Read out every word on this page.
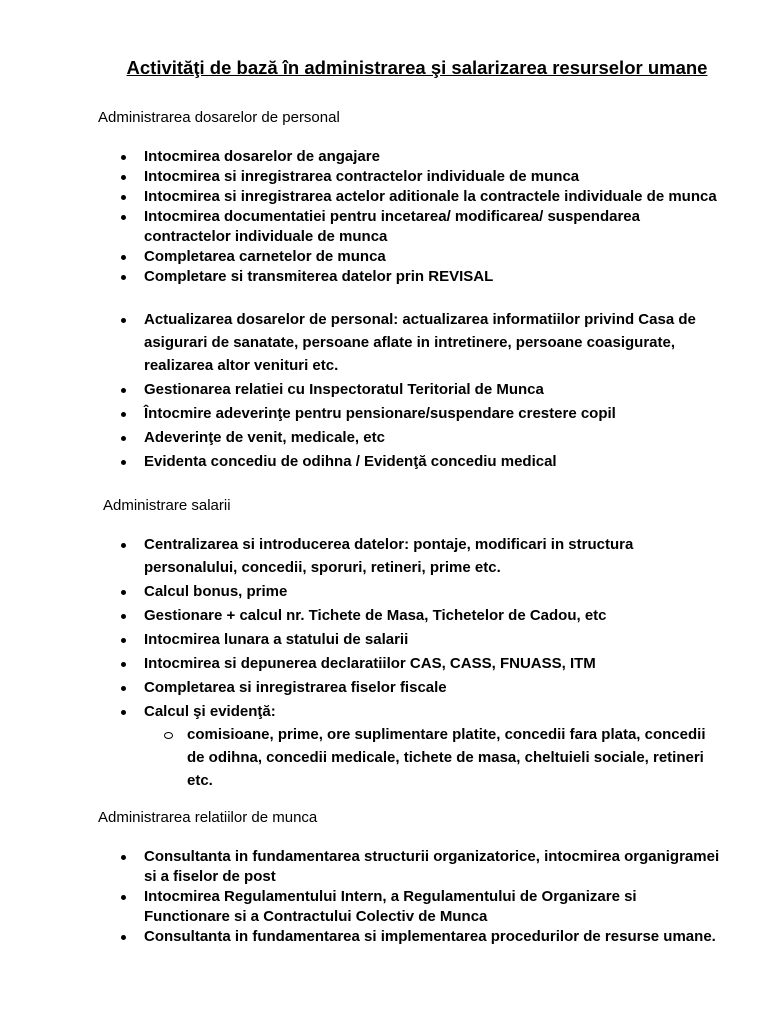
Activităţi de bază în administrarea şi salarizarea resurselor umane
Administrarea dosarelor de personal
Intocmirea dosarelor de angajare
Intocmirea si inregistrarea contractelor individuale de munca
Intocmirea si inregistrarea actelor aditionale la contractele individuale de munca
Intocmirea documentatiei pentru incetarea/ modificarea/ suspendarea contractelor individuale de munca
Completarea carnetelor de munca
Completare si transmiterea datelor prin REVISAL
Actualizarea dosarelor de personal: actualizarea informatiilor privind Casa de asigurari de sanatate, persoane aflate in intretinere, persoane coasigurate, realizarea altor venituri etc.
Gestionarea relatiei cu Inspectoratul Teritorial de Munca
Întocmire adeverinţe pentru pensionare/suspendare crestere copil
Adeverinţe de venit, medicale, etc
Evidenta concediu de odihna / Evidenţă concediu medical
Administrare salarii
Centralizarea si introducerea datelor: pontaje, modificari in structura personalului, concedii, sporuri, retineri, prime etc.
Calcul bonus, prime
Gestionare + calcul nr. Tichete de Masa, Tichetelor de Cadou, etc
Intocmirea lunara a statului de salarii
Intocmirea si depunerea declaratiilor CAS, CASS, FNUASS, ITM
Completarea si inregistrarea fiselor fiscale
Calcul şi evidenţă:
comisioane, prime, ore suplimentare platite, concedii fara plata, concedii de odihna, concedii medicale, tichete de masa, cheltuieli sociale, retineri etc.
Administrarea relatiilor de munca
Consultanta in fundamentarea structurii organizatorice, intocmirea organigramei si a fiselor de post
Intocmirea Regulamentului Intern, a Regulamentului de Organizare si Functionare si a Contractului Colectiv de Munca
Consultanta in fundamentarea si implementarea procedurilor de resurse umane.
